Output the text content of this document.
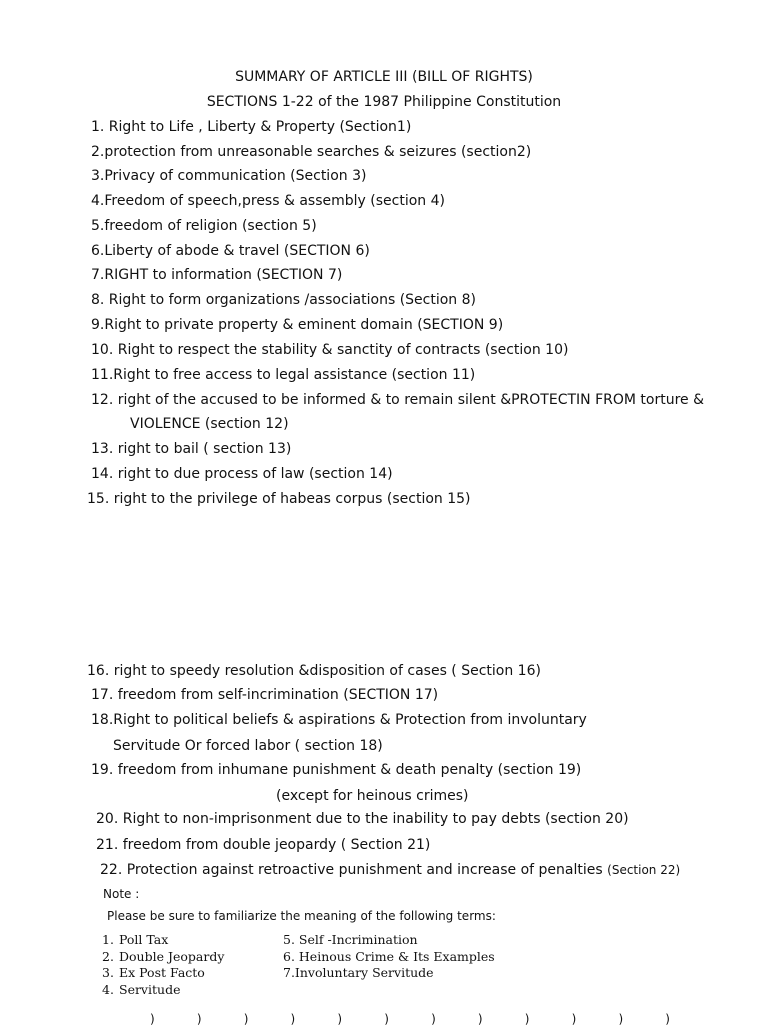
SUMMARY OF ARTICLE III (BILL OF RIGHTS)
SECTIONS 1-22 of the 1987 Philippine Constitution
1. Right to Life , Liberty & Property (Section1)
2.protection from unreasonable searches & seizures (section2)
3.Privacy of communication (Section 3)
4.Freedom of speech,press & assembly (section 4)
5.freedom of religion (section 5)
6.Liberty of abode & travel (SECTION 6)
7.RIGHT to information (SECTION 7)
8. Right to form organizations /associations (Section 8)
9.Right to private property & eminent domain (SECTION 9)
10. Right to respect the stability & sanctity of contracts (section 10)
11.Right to free access to legal assistance (section 11)
12. right of the accused to be informed & to remain silent &PROTECTIN FROM torture &
VIOLENCE (section 12)
13. right to bail ( section 13)
14. right to due process of law (section 14)
15. right to the privilege of habeas corpus (section 15)
16. right to speedy resolution &disposition of cases ( Section 16)
17. freedom from self-incrimination (SECTION 17)
18.Right to political beliefs & aspirations & Protection from involuntary
Servitude Or forced labor ( section 18)
19. freedom from inhumane punishment & death penalty (section 19)
(except for heinous crimes)
20. Right to non-imprisonment due to the inability to pay debts (section 20)
21. freedom from double jeopardy ( Section 21)
22. Protection against retroactive punishment and increase of penalties (Section 22)
Note :
Please be sure to familiarize the meaning of the following terms:
1. Poll Tax
2. Double Jeopardy
3. Ex Post Facto
4. Servitude
5. Self -Incrimination
6. Heinous Crime & Its Examples
7.Involuntary Servitude
)	)	)	)	)	)	)	)	)	)	)	)
